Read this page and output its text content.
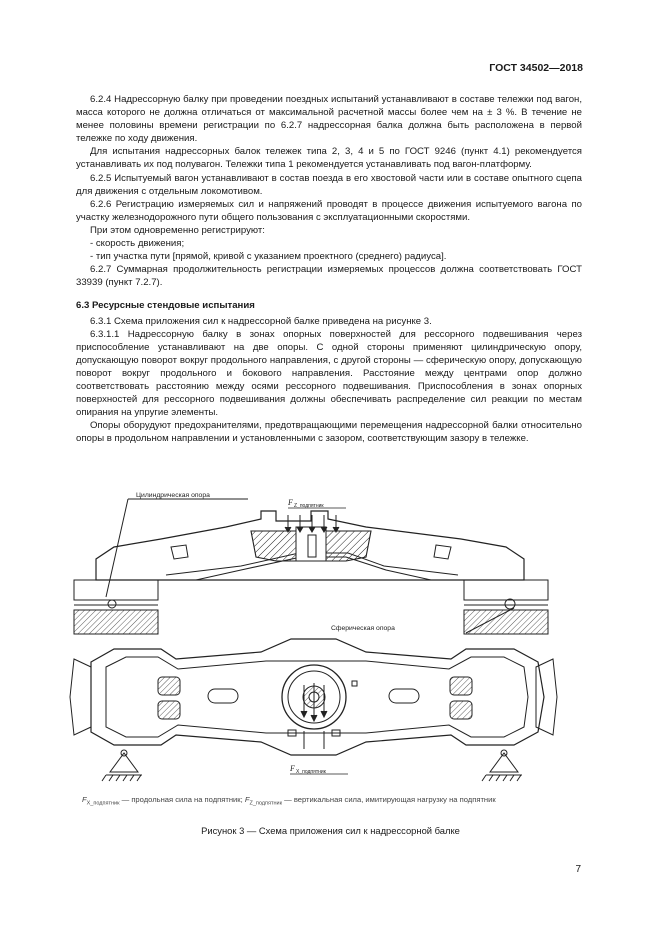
ГОСТ 34502—2018

6.2.4 Надрессорную балку при проведении поездных испытаний устанавливают в составе тележки под вагон, масса которого не должна отличаться от максимальной расчетной массы более чем на ± 3 %. В течение не менее половины времени регистрации по 6.2.7 надрессорная балка должна быть расположена в первой тележке по ходу движения.

Для испытания надрессорных балок тележек типа 2, 3, 4 и 5 по ГОСТ 9246 (пункт 4.1) рекомендуется устанавливать их под полувагон. Тележки типа 1 рекомендуется устанавливать под вагон-платформу.

6.2.5 Испытуемый вагон устанавливают в состав поезда в его хвостовой части или в составе опытного сцепа для движения с отдельным локомотивом.

6.2.6 Регистрацию измеряемых сил и напряжений проводят в процессе движения испытуемого вагона по участку железнодорожного пути общего пользования с эксплуатационными скоростями.

При этом одновременно регистрируют:

- скорость движения;

- тип участка пути [прямой, кривой с указанием проектного (среднего) радиуса].

6.2.7 Суммарная продолжительность регистрации измеряемых процессов должна соответствовать ГОСТ 33939 (пункт 7.2.7).

6.3 Ресурсные стендовые испытания

6.3.1 Схема приложения сил к надрессорной балке приведена на рисунке 3.

6.3.1.1 Надрессорную балку в зонах опорных поверхностей для рессорного подвешивания через приспособление устанавливают на две опоры. С одной стороны применяют цилиндрическую опору, допускающую поворот вокруг продольного направления, с другой стороны — сферическую опору, допускающую поворот вокруг продольного и бокового направления. Расстояние между центрами опор должно соответствовать расстоянию между осями рессорного подвешивания. Приспособления в зонах опорных поверхностей для рессорного подвешивания должны обеспечивать распределение сил реакции по местам опирания на упругие элементы.

Опоры оборудуют предохранителями, предотвращающими перемещения надрессорной балки относительно опоры в продольном направлении и установленными с зазором, соответствующим зазору в тележке.

Цилиндрическая опора
Сферическая опора
F Z_подпятник
F X_подпятник
$F_{X\_подпятник}$ — продольная сила на подпятник; $F_{Z\_подпятник}$ — вертикальная сила, имитирующая нагрузку на подпятник
Рисунок 3 — Схема приложения сил к надрессорной балке
7
